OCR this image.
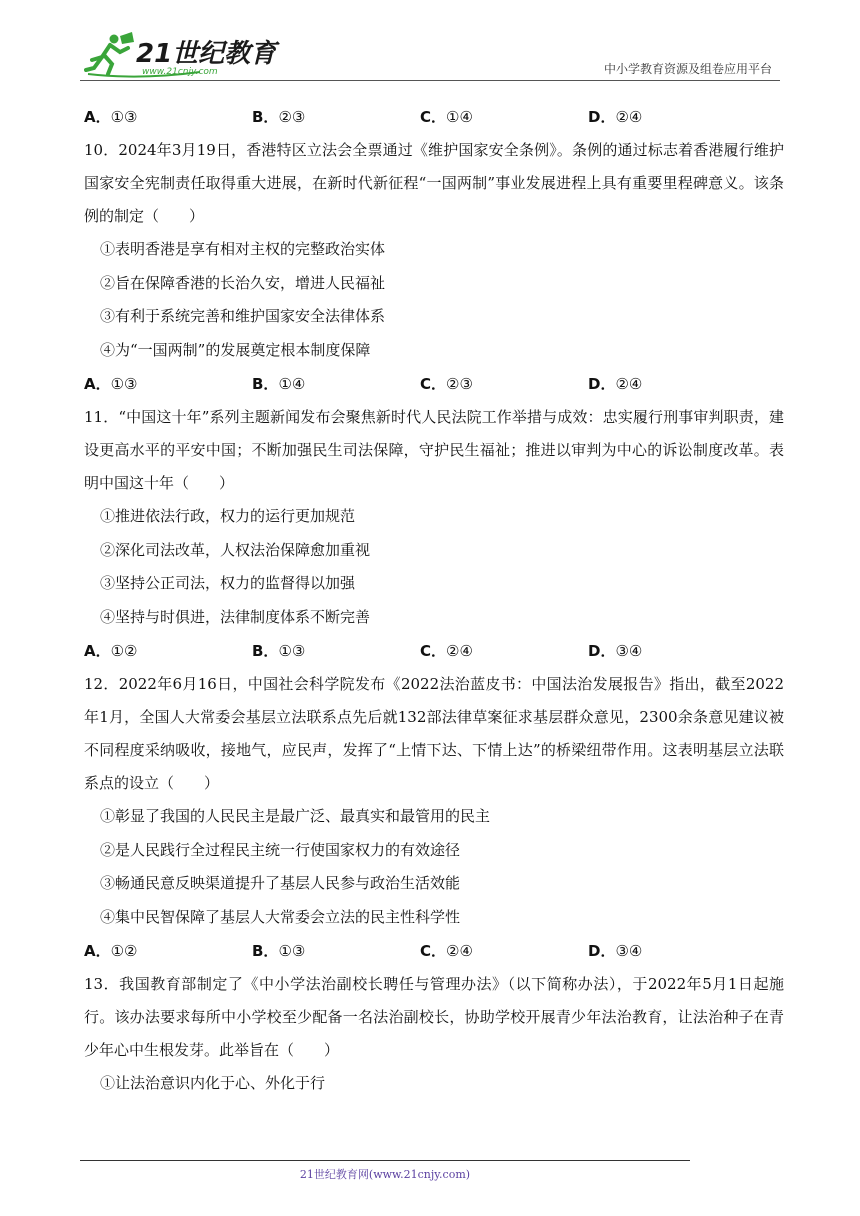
21世纪教育
www.21cnjy.com	中小学教育资源及组卷应用平台
A．①③	B．②③	C．①④	D．②④
10．2024年3月19日，香港特区立法会全票通过《维护国家安全条例》。条例的通过标志着香港履行维护国家安全宪制责任取得重大进展，在新时代新征程“一国两制”事业发展进程上具有重要里程碑意义。该条例的制定（　　）
①表明香港是享有相对主权的完整政治实体
②旨在保障香港的长治久安，增进人民福祉
③有利于系统完善和维护国家安全法律体系
④为“一国两制”的发展奠定根本制度保障
A．①③	B．①④	C．②③	D．②④
11．“中国这十年”系列主题新闻发布会聚焦新时代人民法院工作举措与成效：忠实履行刑事审判职责，建设更高水平的平安中国；不断加强民生司法保障，守护民生福祉；推进以审判为中心的诉讼制度改革。表明中国这十年（　　）
①推进依法行政，权力的运行更加规范
②深化司法改革，人权法治保障愈加重视
③坚持公正司法，权力的监督得以加强
④坚持与时俱进，法律制度体系不断完善
A．①②	B．①③	C．②④	D．③④
12．2022年6月16日，中国社会科学院发布《2022法治蓝皮书：中国法治发展报告》指出，截至2022年1月，全国人大常委会基层立法联系点先后就132部法律草案征求基层群众意见，2300余条意见建议被不同程度采纳吸收，接地气，应民声，发挥了“上情下达、下情上达”的桥梁纽带作用。这表明基层立法联系点的设立（　　）
①彰显了我国的人民民主是最广泛、最真实和最管用的民主
②是人民践行全过程民主统一行使国家权力的有效途径
③畅通民意反映渠道提升了基层人民参与政治生活效能
④集中民智保障了基层人大常委会立法的民主性科学性
A．①②	B．①③	C．②④	D．③④
13．我国教育部制定了《中小学法治副校长聘任与管理办法》（以下简称办法），于2022年5月1日起施行。该办法要求每所中小学校至少配备一名法治副校长，协助学校开展青少年法治教育，让法治种子在青少年心中生根发芽。此举旨在（　　）
①让法治意识内化于心、外化于行
21世纪教育网(www.21cnjy.com)
